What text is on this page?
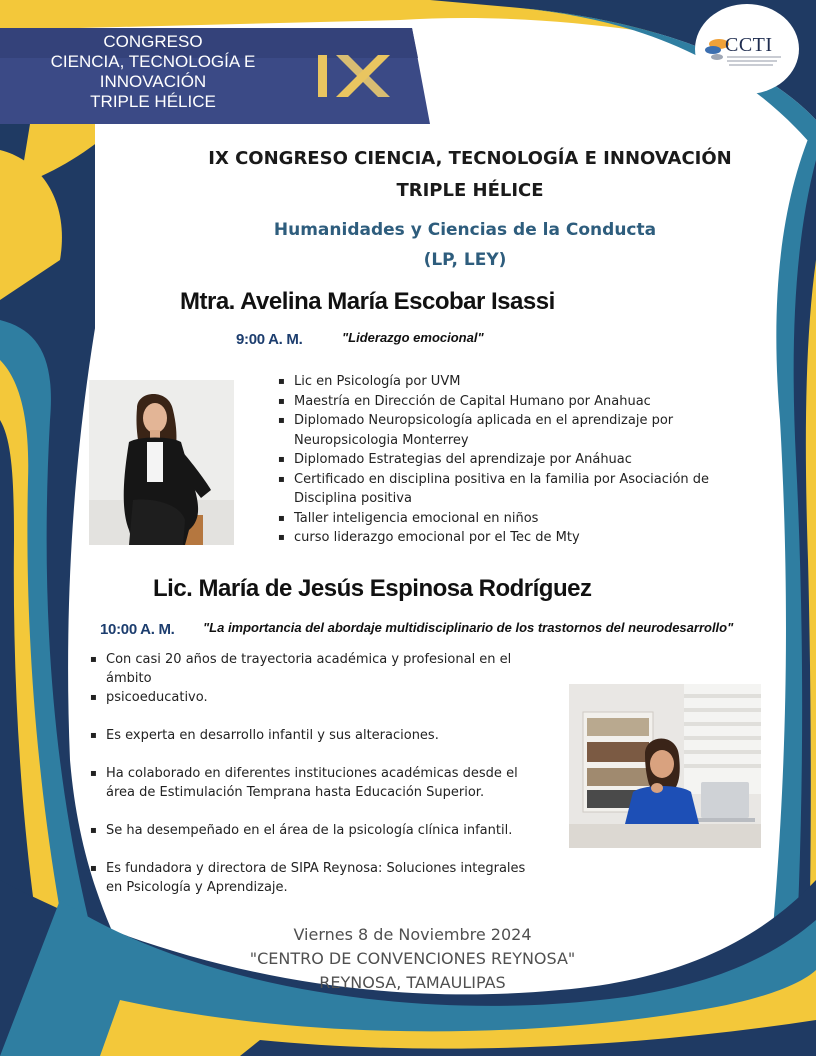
CONGRESO
CIENCIA, TECNOLOGÍA E
INNOVACIÓN
TRIPLE HÉLICE
CCTI
IX CONGRESO CIENCIA, TECNOLOGÍA E INNOVACIÓN
TRIPLE HÉLICE
Humanidades y Ciencias de la Conducta
(LP, LEY)
Mtra. Avelina María Escobar Isassi
9:00 A. M.	"Liderazgo emocional"
▪ Lic en Psicología por UVM
▪ Maestría en Dirección de Capital Humano por Anahuac
▪ Diplomado Neuropsicología aplicada en el aprendizaje por Neuropsicologia Monterrey
▪ Diplomado Estrategias del aprendizaje por Anáhuac
▪ Certificado en disciplina positiva en la familia por Asociación de Disciplina positiva
▪ Taller inteligencia emocional en niños
▪ curso liderazgo emocional por el Tec de Mty
Lic. María de Jesús Espinosa Rodríguez
10:00 A. M. "La importancia del abordaje multidisciplinario de los trastornos del neurodesarrollo"
▪ Con casi 20 años de trayectoria académica y profesional en el ámbito
▪ psicoeducativo.
▪ Es experta en desarrollo infantil y sus alteraciones.
▪ Ha colaborado en diferentes instituciones académicas desde el área de Estimulación Temprana hasta Educación Superior.
▪ Se ha desempeñado en el área de la psicología clínica infantil.
▪ Es fundadora y directora de SIPA Reynosa: Soluciones integrales en Psicología y Aprendizaje.
Viernes 8 de Noviembre 2024
"CENTRO DE CONVENCIONES REYNOSA"
REYNOSA, TAMAULIPAS
